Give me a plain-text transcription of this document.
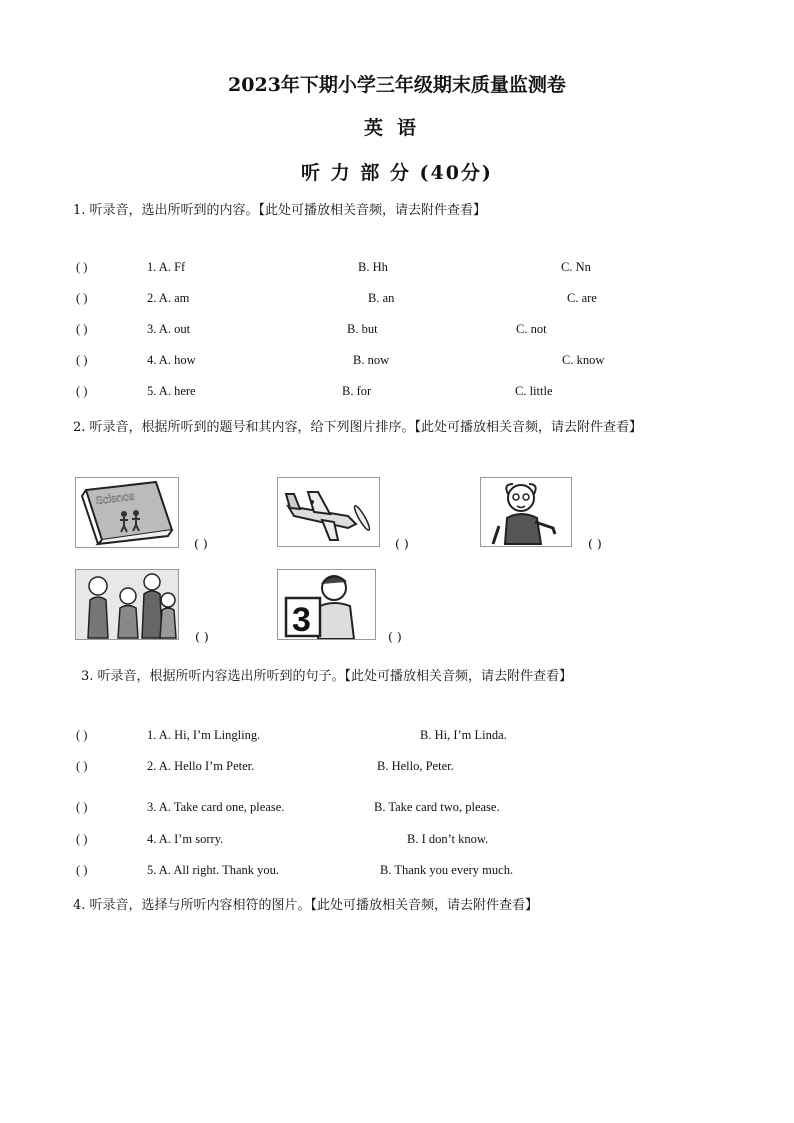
2023年下期小学三年级期末质量监测卷
英语
听 力 部 分 (40分)
1. 听录音，选出所听到的内容。【此处可播放相关音频，请去附件查看】
( )	1. A. Ff	B. Hh	C. Nn
( )	2. A. am	B. an	C. are
( )	3. A. out	B. but	C. not
( )	4. A. how	B. now	C. know
( )	5. A. here	B. for	C. little
2. 听录音，根据所听到的题号和其内容，给下列图片排序。【此处可播放相关音频，请去附件查看】
Science
( )	( )	( )
( ) 3	( )
3. 听录音，根据所听内容选出所听到的句子。【此处可播放相关音频，请去附件查看】
( )	1. A. Hi, I’m Lingling.	B. Hi, I’m Linda.
( )	2. A. Hello I’m Peter.	B. Hello, Peter.
( )	3. A. Take card one, please.	B. Take card two, please.
( )	4. A. I’m sorry.	B. I don’t know.
( )	5. A. All right. Thank you.	B. Thank you every much.
4. 听录音，选择与所听内容相符的图片。【此处可播放相关音频，请去附件查看】
